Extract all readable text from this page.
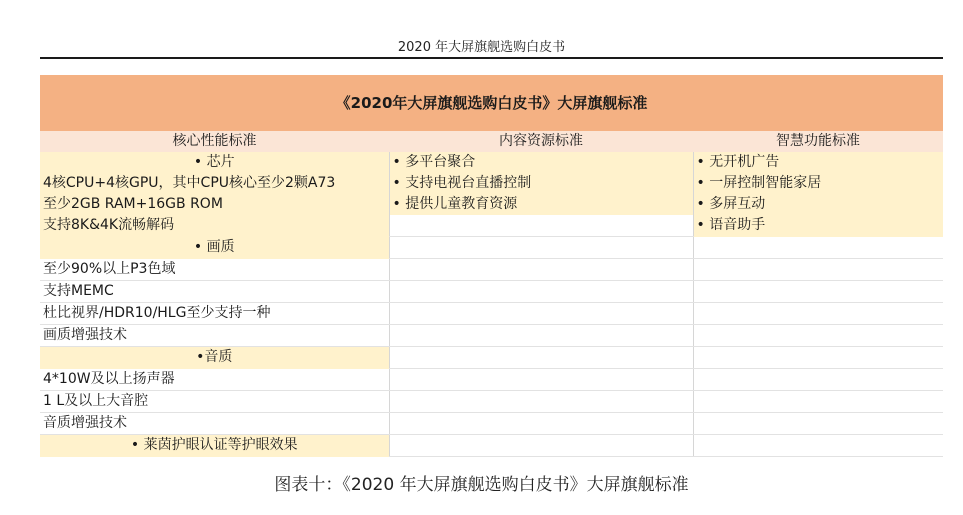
2020 年大屏旗舰选购白皮书
《2020年大屏旗舰选购白皮书》大屏旗舰标准		
核心性能标准	内容资源标准	智慧功能标准
• 芯片	• 多平台聚合	• 无开机广告
4核CPU+4核GPU，其中CPU核心至少2颗A73	• 支持电视台直播控制	• 一屏控制智能家居
至少2GB RAM+16GB ROM	• 提供儿童教育资源	• 多屏互动
支持8K&4K流畅解码		• 语音助手
• 画质		
至少90%以上P3色域		
支持MEMC		
杜比视界/HDR10/HLG至少支持一种		
画质增强技术		
•音质		
4*10W及以上扬声器		
1 L及以上大音腔		
音质增强技术		
• 莱茵护眼认证等护眼效果		
图表十：《2020 年大屏旗舰选购白皮书》大屏旗舰标准
